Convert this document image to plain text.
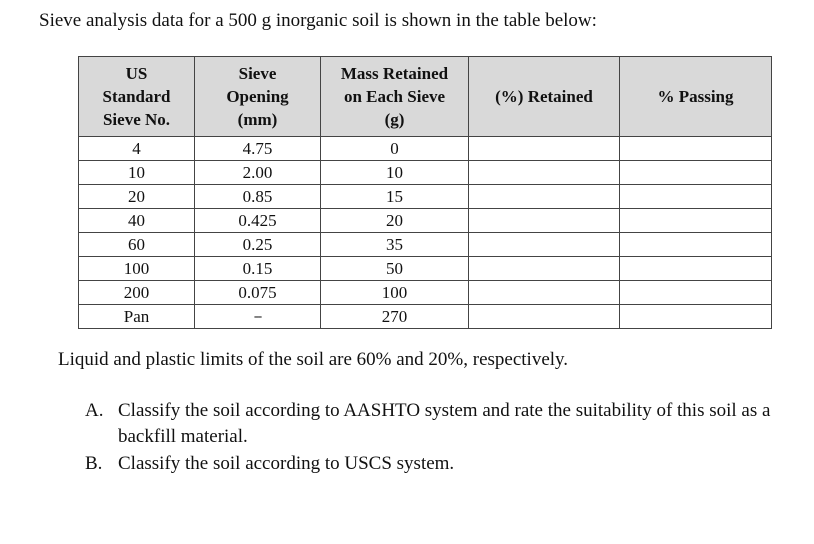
Sieve analysis data for a 500 g inorganic soil is shown in the table below:
US
Standard
Sieve No.	Sieve
Opening
(mm)	Mass Retained
on Each Sieve
(g)	(%) Retained	% Passing

4	4.75	0		
10	2.00	10		
20	0.85	15		
40	0.425	20		
60	0.25	35		
100	0.15	50		
200	0.075	100		
Pan	--	270		
Liquid and plastic limits of the soil are 60% and 20%, respectively.
A. Classify the soil according to AASHTO system and rate the suitability of this soil as a backfill material.
B. Classify the soil according to USCS system.
